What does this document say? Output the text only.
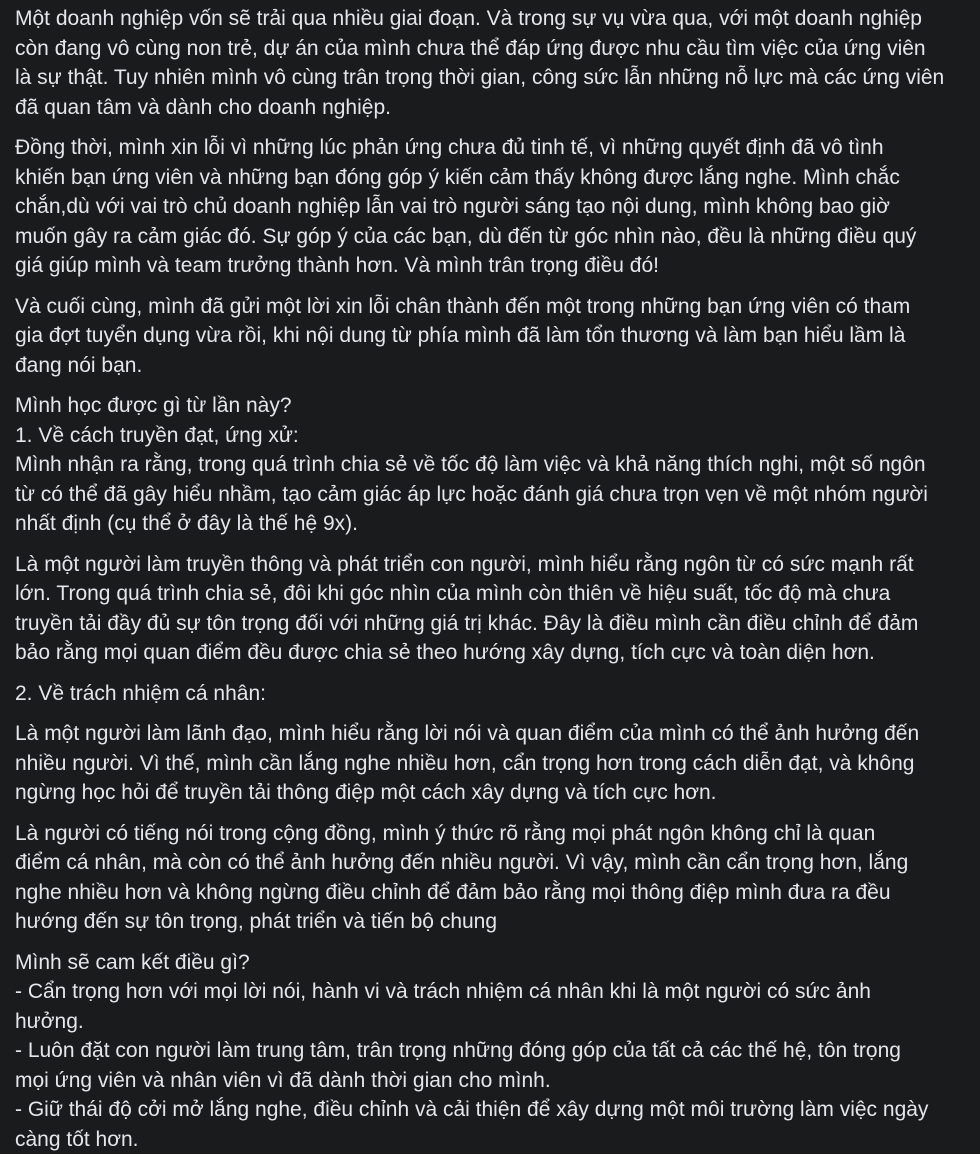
Một doanh nghiệp vốn sẽ trải qua nhiều giai đoạn. Và trong sự vụ vừa qua, với một doanh nghiệp
còn đang vô cùng non trẻ, dự án của mình chưa thể đáp ứng được nhu cầu tìm việc của ứng viên
là sự thật. Tuy nhiên mình vô cùng trân trọng thời gian, công sức lẫn những nỗ lực mà các ứng viên
đã quan tâm và dành cho doanh nghiệp.
Đồng thời, mình xin lỗi vì những lúc phản ứng chưa đủ tinh tế, vì những quyết định đã vô tình
khiến bạn ứng viên và những bạn đóng góp ý kiến cảm thấy không được lắng nghe. Mình chắc
chắn,dù với vai trò chủ doanh nghiệp lẫn vai trò người sáng tạo nội dung, mình không bao giờ
muốn gây ra cảm giác đó. Sự góp ý của các bạn, dù đến từ góc nhìn nào, đều là những điều quý
giá giúp mình và team trưởng thành hơn. Và mình trân trọng điều đó!
Và cuối cùng, mình đã gửi một lời xin lỗi chân thành đến một trong những bạn ứng viên có tham
gia đợt tuyển dụng vừa rồi, khi nội dung từ phía mình đã làm tổn thương và làm bạn hiểu lầm là
đang nói bạn.
Mình học được gì từ lần này?
1. Về cách truyền đạt, ứng xử:
Mình nhận ra rằng, trong quá trình chia sẻ về tốc độ làm việc và khả năng thích nghi, một số ngôn
từ có thể đã gây hiểu nhầm, tạo cảm giác áp lực hoặc đánh giá chưa trọn vẹn về một nhóm người
nhất định (cụ thể ở đây là thế hệ 9x).
Là một người làm truyền thông và phát triển con người, mình hiểu rằng ngôn từ có sức mạnh rất
lớn. Trong quá trình chia sẻ, đôi khi góc nhìn của mình còn thiên về hiệu suất, tốc độ mà chưa
truyền tải đầy đủ sự tôn trọng đối với những giá trị khác. Đây là điều mình cần điều chỉnh để đảm
bảo rằng mọi quan điểm đều được chia sẻ theo hướng xây dựng, tích cực và toàn diện hơn.
2. Về trách nhiệm cá nhân:
Là một người làm lãnh đạo, mình hiểu rằng lời nói và quan điểm của mình có thể ảnh hưởng đến
nhiều người. Vì thế, mình cần lắng nghe nhiều hơn, cẩn trọng hơn trong cách diễn đạt, và không
ngừng học hỏi để truyền tải thông điệp một cách xây dựng và tích cực hơn.
Là người có tiếng nói trong cộng đồng, mình ý thức rõ rằng mọi phát ngôn không chỉ là quan
điểm cá nhân, mà còn có thể ảnh hưởng đến nhiều người. Vì vậy, mình cần cẩn trọng hơn, lắng
nghe nhiều hơn và không ngừng điều chỉnh để đảm bảo rằng mọi thông điệp mình đưa ra đều
hướng đến sự tôn trọng, phát triển và tiến bộ chung
Mình sẽ cam kết điều gì?
- Cẩn trọng hơn với mọi lời nói, hành vi và trách nhiệm cá nhân khi là một người có sức ảnh
hưởng.
- Luôn đặt con người làm trung tâm, trân trọng những đóng góp của tất cả các thế hệ, tôn trọng
mọi ứng viên và nhân viên vì đã dành thời gian cho mình.
- Giữ thái độ cởi mở lắng nghe, điều chỉnh và cải thiện để xây dựng một môi trường làm việc ngày
càng tốt hơn.
